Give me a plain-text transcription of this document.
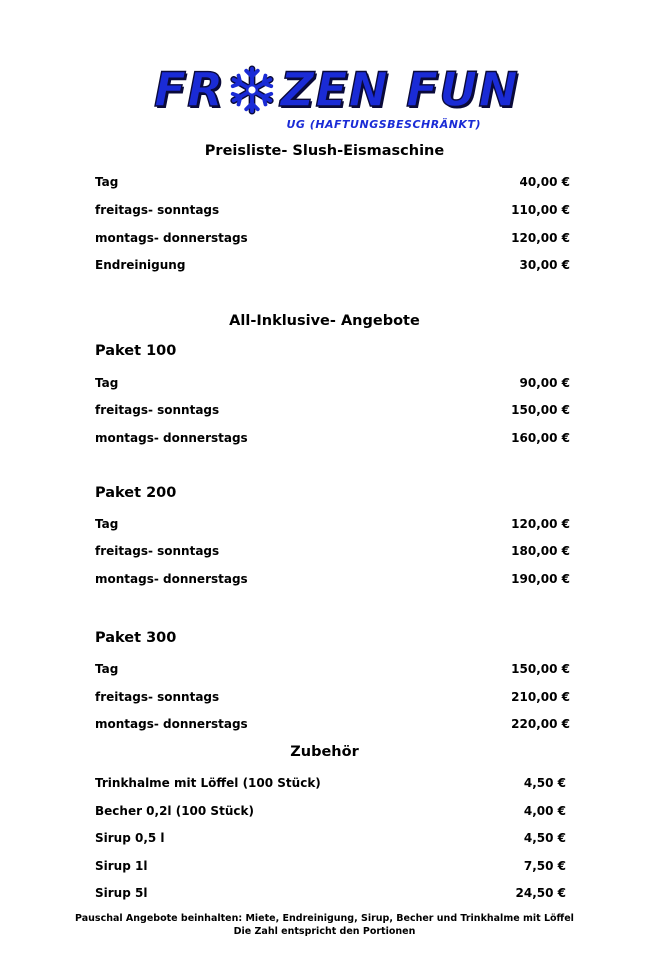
FR ZEN FUN
UG (HAFTUNGSBESCHRÄNKT)
Preisliste- Slush-Eismaschine
Tag	40,00 €
freitags- sonntags	110,00 €
montags- donnerstags	120,00 €
Endreinigung	30,00 €
All-Inklusive- Angebote
Paket 100
Tag	90,00 €
freitags- sonntags	150,00 €
montags- donnerstags	160,00 €
Paket 200
Tag	120,00 €
freitags- sonntags	180,00 €
montags- donnerstags	190,00 €
Paket 300
Tag	150,00 €
freitags- sonntags	210,00 €
montags- donnerstags	220,00 €
Zubehör
Trinkhalme mit Löffel (100 Stück)	4,50 €
Becher 0,2l (100 Stück)	4,00 €
Sirup 0,5 l	4,50 €
Sirup 1l	7,50 €
Sirup 5l	24,50 €
Pauschal Angebote beinhalten: Miete, Endreinigung, Sirup, Becher und Trinkhalme mit Löffel
Die Zahl entspricht den Portionen
